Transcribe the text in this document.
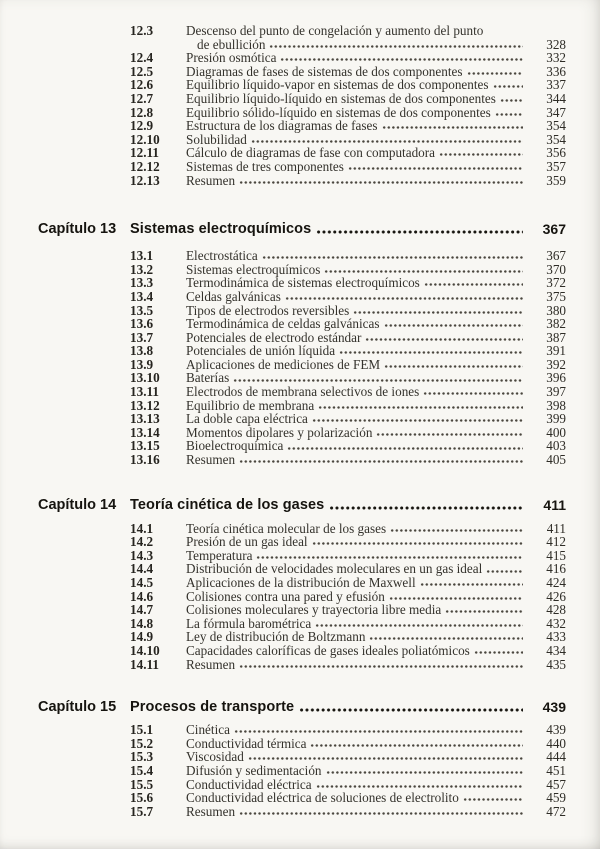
12.3	Descenso del punto de congelación y aumento del punto
de ebullición	328
12.4	Presión osmótica	332
12.5	Diagramas de fases de sistemas de dos componentes	336
12.6	Equilibrio líquido-vapor en sistemas de dos componentes	337
12.7	Equilibrio líquido-líquido en sistemas de dos componentes	344
12.8	Equilibrio sólido-líquido en sistemas de dos componentes	347
12.9	Estructura de los diagramas de fases	354
12.10	Solubilidad	354
12.11	Cálculo de diagramas de fase con computadora	356
12.12	Sistemas de tres componentes	357
12.13	Resumen	359
Capítulo 13 Sistemas electroquímicos	367
13.1	Electrostática	367
13.2	Sistemas electroquímicos	370
13.3	Termodinámica de sistemas electroquímicos	372
13.4	Celdas galvánicas	375
13.5	Tipos de electrodos reversibles	380
13.6	Termodinámica de celdas galvánicas	382
13.7	Potenciales de electrodo estándar	387
13.8	Potenciales de unión líquida	391
13.9	Aplicaciones de mediciones de FEM	392
13.10	Baterías	396
13.11	Electrodos de membrana selectivos de iones	397
13.12	Equilibrio de membrana	398
13.13	La doble capa eléctrica	399
13.14	Momentos dipolares y polarización	400
13.15	Bioelectroquímica	403
13.16	Resumen	405
Capítulo 14 Teoría cinética de los gases	411
14.1	Teoría cinética molecular de los gases	411
14.2	Presión de un gas ideal	412
14.3	Temperatura	415
14.4	Distribución de velocidades moleculares en un gas ideal	416
14.5	Aplicaciones de la distribución de Maxwell	424
14.6	Colisiones contra una pared y efusión	426
14.7	Colisiones moleculares y trayectoria libre media	428
14.8	La fórmula barométrica	432
14.9	Ley de distribución de Boltzmann	433
14.10	Capacidades caloríficas de gases ideales poliatómicos	434
14.11	Resumen	435
Capítulo 15 Procesos de transporte	439
15.1	Cinética	439
15.2	Conductividad térmica	440
15.3	Viscosidad	444
15.4	Difusión y sedimentación	451
15.5	Conductividad eléctrica	457
15.6	Conductividad eléctrica de soluciones de electrolito	459
15.7	Resumen	472
